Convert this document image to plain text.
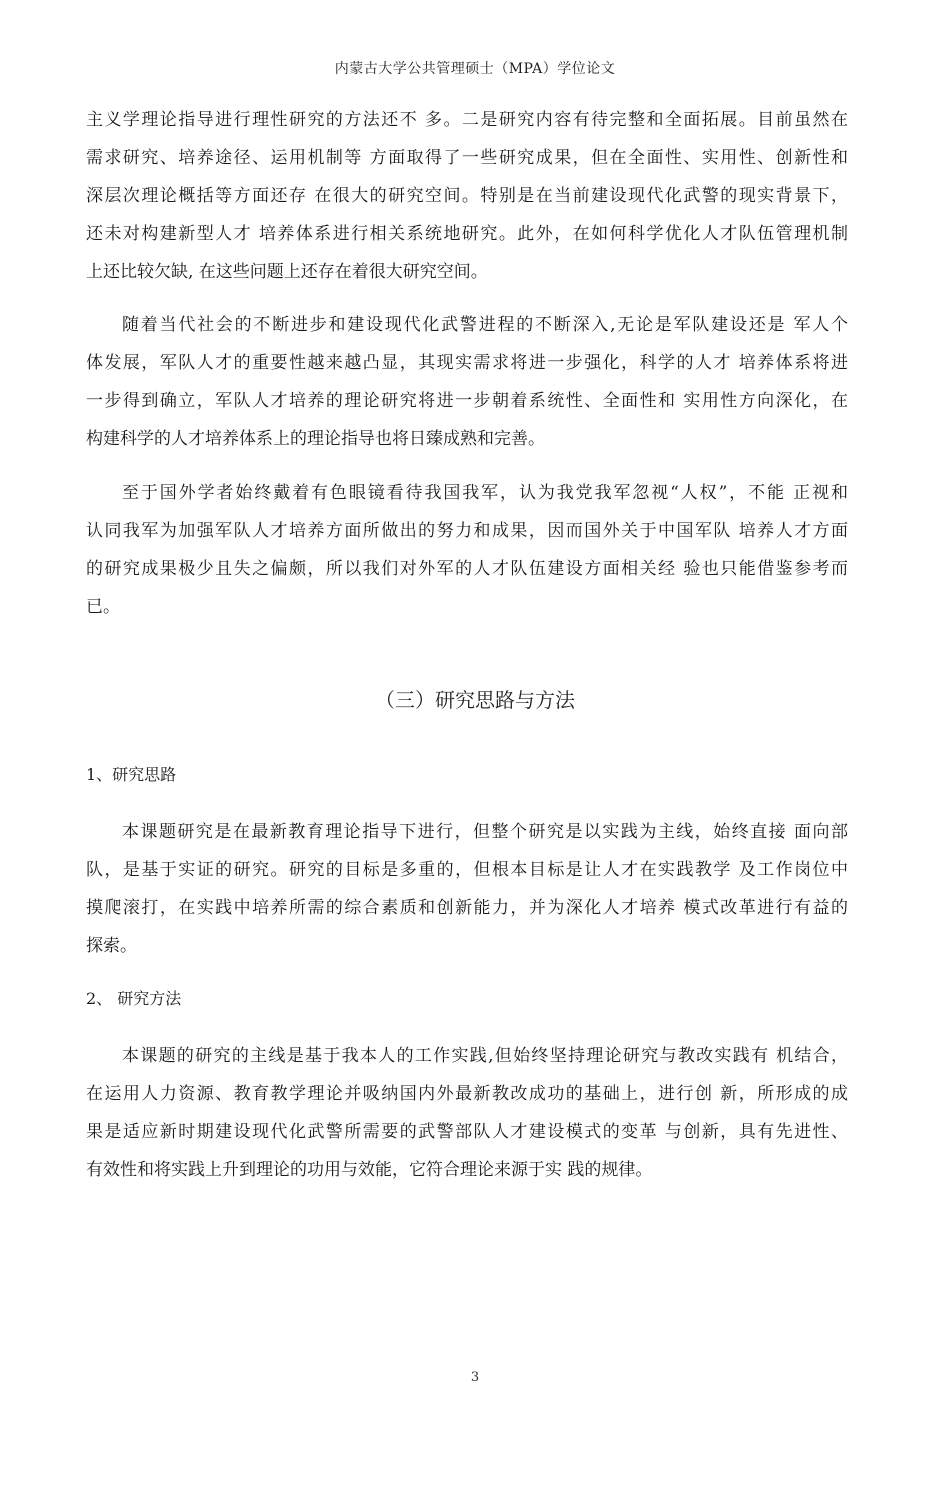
内蒙古大学公共管理硕士（MPA）学位论文
主义学理论指导进行理性研究的方法还不 多。二是研究内容有待完整和全面拓展。目前虽然在
需求研究、培养途径、运用机制等 方面取得了一些研究成果，但在全面性、实用性、创新性和
深层次理论概括等方面还存 在很大的研究空间。特别是在当前建设现代化武警的现实背景下，
还未对构建新型人才 培养体系进行相关系统地研究。此外，在如何科学优化人才队伍管理机制
上还比较欠缺, 在这些问题上还存在着很大研究空间。
随着当代社会的不断进步和建设现代化武警进程的不断深入,无论是军队建设还是 军人个
体发展，军队人才的重要性越来越凸显，其现实需求将进一步强化，科学的人才 培养体系将进
一步得到确立，军队人才培养的理论研究将进一步朝着系统性、全面性和 实用性方向深化，在
构建科学的人才培养体系上的理论指导也将日臻成熟和完善。
至于国外学者始终戴着有色眼镜看待我国我军，认为我党我军忽视“人权”，不能 正视和
认同我军为加强军队人才培养方面所做出的努力和成果，因而国外关于中国军队 培养人才方面
的研究成果极少且失之偏颇，所以我们对外军的人才队伍建设方面相关经 验也只能借鉴参考而
已。
（三）研究思路与方法
1、研究思路
本课题研究是在最新教育理论指导下进行，但整个研究是以实践为主线，始终直接 面向部
队，是基于实证的研究。研究的目标是多重的，但根本目标是让人才在实践教学 及工作岗位中
摸爬滚打，在实践中培养所需的综合素质和创新能力，并为深化人才培养 模式改革进行有益的
探索。
2、 研究方法
本课题的研究的主线是基于我本人的工作实践,但始终坚持理论研究与教改实践有 机结合，
在运用人力资源、教育教学理论并吸纳国内外最新教改成功的基础上，进行创 新，所形成的成
果是适应新时期建设现代化武警所需要的武警部队人才建设模式的变革 与创新，具有先进性、
有效性和将实践上升到理论的功用与效能，它符合理论来源于实 践的规律。
3
